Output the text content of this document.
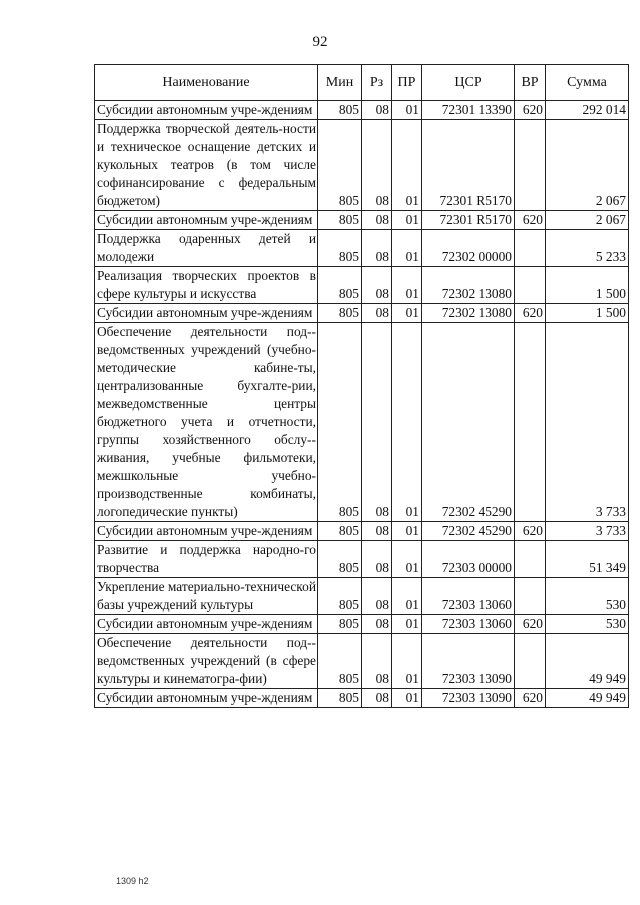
92
Наименование	Мин	Рз	ПР	ЦСР	ВР	Сумма
Субсидии автономным учре-ждениям	805	08	01	72301 13390	620	292 014
Поддержка творческой деятель-ности и техническое оснащение детских и кукольных театров (в том числе софинансирование с федеральным бюджетом)	805	08	01	72301 R5170		2 067
Субсидии автономным учре-ждениям	805	08	01	72301 R5170	620	2 067
Поддержка одаренных детей и молодежи	805	08	01	72302 00000		5 233
Реализация творческих проектов в сфере культуры и искусства	805	08	01	72302 13080		1 500
Субсидии автономным учре-ждениям	805	08	01	72302 13080	620	1 500
Обеспечение деятельности под-ведомственных учреждений (учебно-методические кабине-ты, централизованные бухгалте-рии, межведомственные центры бюджетного учета и отчетности, группы хозяйственного обслу-живания, учебные фильмотеки, межшкольные учебно-производственные комбинаты, логопедические пункты)	805	08	01	72302 45290		3 733
Субсидии автономным учре-ждениям	805	08	01	72302 45290	620	3 733
Развитие и поддержка народно-го творчества	805	08	01	72303 00000		51 349
Укрепление материально-технической базы учреждений культуры	805	08	01	72303 13060		530
Субсидии автономным учре-ждениям	805	08	01	72303 13060	620	530
Обеспечение деятельности под-ведомственных учреждений (в сфере культуры и кинематогра-фии)	805	08	01	72303 13090		49 949
Субсидии автономным учре-ждениям	805	08	01	72303 13090	620	49 949
1309 h2
